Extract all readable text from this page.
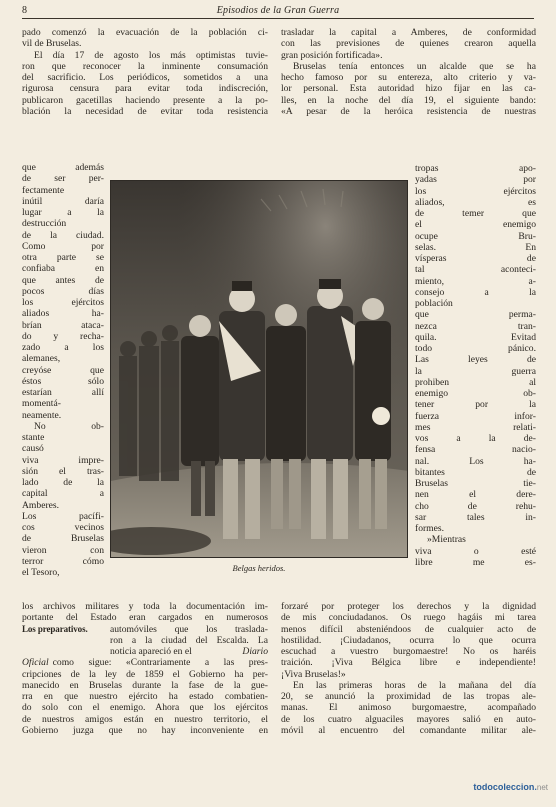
8	Episodios de la Gran Guerra
pado comenzó la evacuación de la población ci-
vil de Bruselas.
El día 17 de agosto los más optimistas tuvie-
ron que reconocer la inminente consumación
del sacrificio. Los periódicos, sometidos a una
rigurosa censura para evitar toda indiscreción,
publicaron gacetillas haciendo presente a la po-
blación la necesidad de evitar toda resistencia
que además
de ser per-
fectamente
inútil daría
lugar a la
destrucción
de la ciudad.
Como por
otra parte se
confiaba en
que antes de
pocos días
los ejércitos
aliados ha-
brían ataca-
do y recha-
zado a los
alemanes,
creyóse que
éstos sólo
estarían allí
momentá-
neamente.
No ob-
stante
causó
viva impre-
sión el tras-
lado de la
capital a
Amberes.
Los pacífi-
cos vecinos
de Bruselas
vieron con
terror cómo
el Tesoro,
trasladar la capital a Amberes, de conformidad
con las previsiones de quienes crearon aquella
gran posición fortificada».
Bruselas tenía entonces un alcalde que se ha
hecho famoso por su entereza, alto criterio y va-
lor personal. Esta autoridad hizo fijar en las ca-
lles, en la noche del día 19, el siguiente bando:
«A pesar de la heróica resistencia de nuestras
tropas apo-
yadas por
los ejércitos
aliados, es
de temer que
el enemigo
ocupe Bru-
selas. En
vísperas de
tal aconteci-
miento, a-
consejo a la
población
que perma-
nezca tran-
quila. Evitad
todo pánico.
Las leyes de
la guerra
prohiben al
enemigo ob-
tener por la
fuerza infor-
mes relati-
vos a la de-
fensa nacio-
nal. Los ha-
bitantes de
Bruselas tie-
nen el dere-
cho de rehu-
sar tales in-
formes.
»Mientras
viva o esté
libre me es-
Belgas heridos.
los archivos militares y toda la documentación im-
portante del Estado eran cargados en numerosos
Los preparativos.	automóviles que los traslada-
ron a la ciudad del Escalda. La
noticia apareció en el	Diario
Oficial como sigue: «Contrariamente a las pres-
cripciones de la ley de 1859 el Gobierno ha per-
manecido en Bruselas durante la fase de la gue-
rra en que nuestro ejército ha estado combatien-
do solo con el enemigo. Ahora que los ejércitos
de nuestros amigos están en nuestro territorio, el
Gobierno juzga que no hay inconveniente en
forzaré por proteger los derechos y la dignidad
de mis conciudadanos. Os ruego hagáis mi tarea
menos difícil absteniéndoos de cualquier acto de
hostilidad. ¡Ciudadanos, ocurra lo que ocurra
escuchad a vuestro burgomaestre! No os haréis
traición. ¡Viva Bélgica libre e independiente!
¡Viva Bruselas!»
En las primeras horas de la mañana del día
20, se anunció la proximidad de las tropas ale-
manas. El animoso burgomaestre, acompañado
de los cuatro alguaciles mayores salió en auto-
móvil al encuentro del comandante militar ale-
todocoleccion.net
